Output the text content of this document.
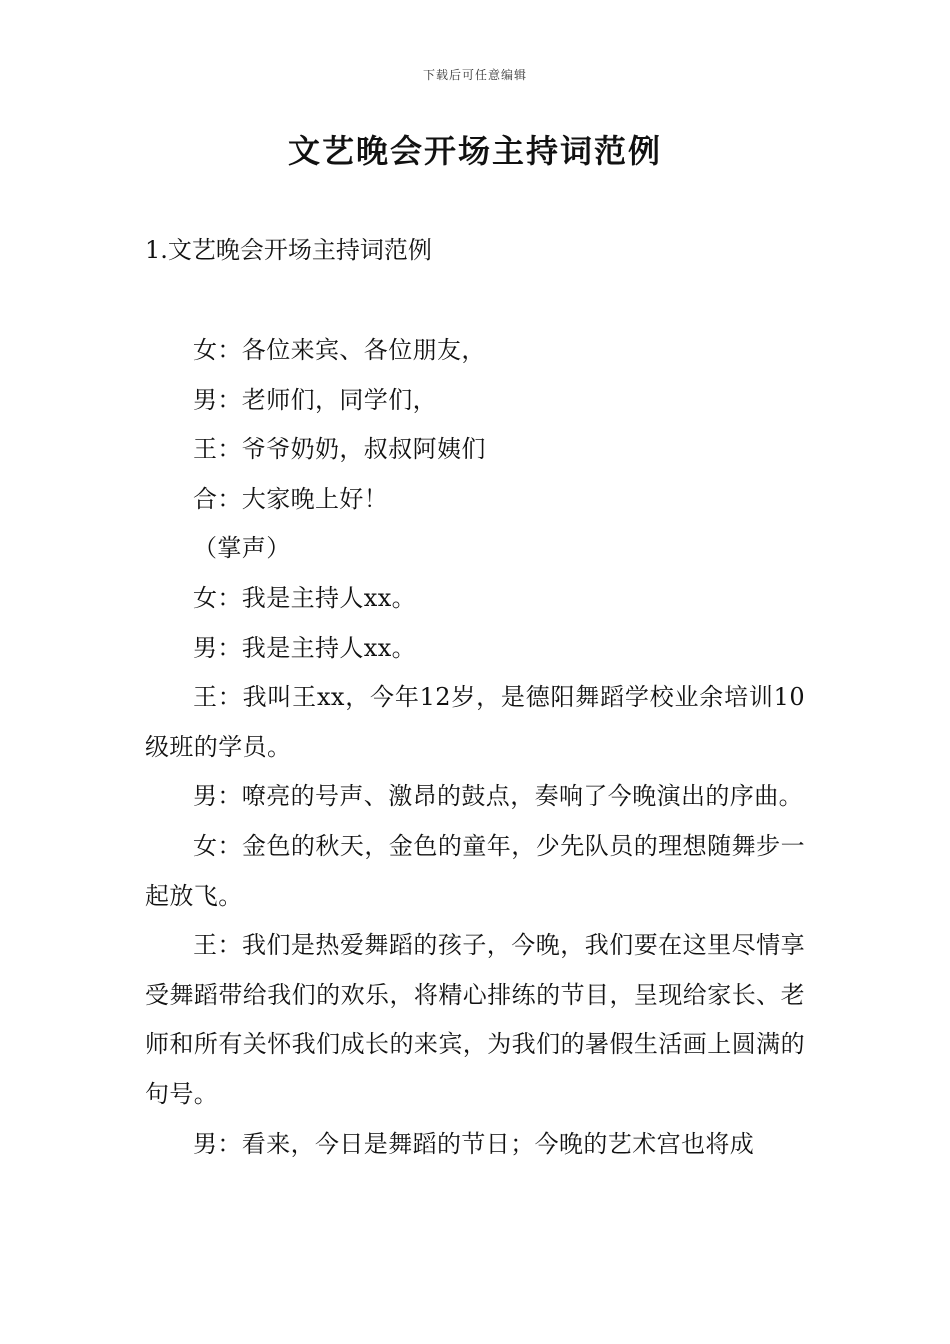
下载后可任意编辑
文艺晚会开场主持词范例
1.文艺晚会开场主持词范例

女：各位来宾、各位朋友，

男：老师们，同学们，

王：爷爷奶奶，叔叔阿姨们

合：大家晚上好！

（掌声）

女：我是主持人xx。

男：我是主持人xx。

王：我叫王xx，今年12岁，是德阳舞蹈学校业余培训10级班的学员。

男：嘹亮的号声、激昂的鼓点，奏响了今晚演出的序曲。

女：金色的秋天，金色的童年，少先队员的理想随舞步一起放飞。

王：我们是热爱舞蹈的孩子，今晚，我们要在这里尽情享受舞蹈带给我们的欢乐，将精心排练的节目，呈现给家长、老师和所有关怀我们成长的来宾，为我们的暑假生活画上圆满的句号。

男：看来，今日是舞蹈的节日；今晚的艺术宫也将成
